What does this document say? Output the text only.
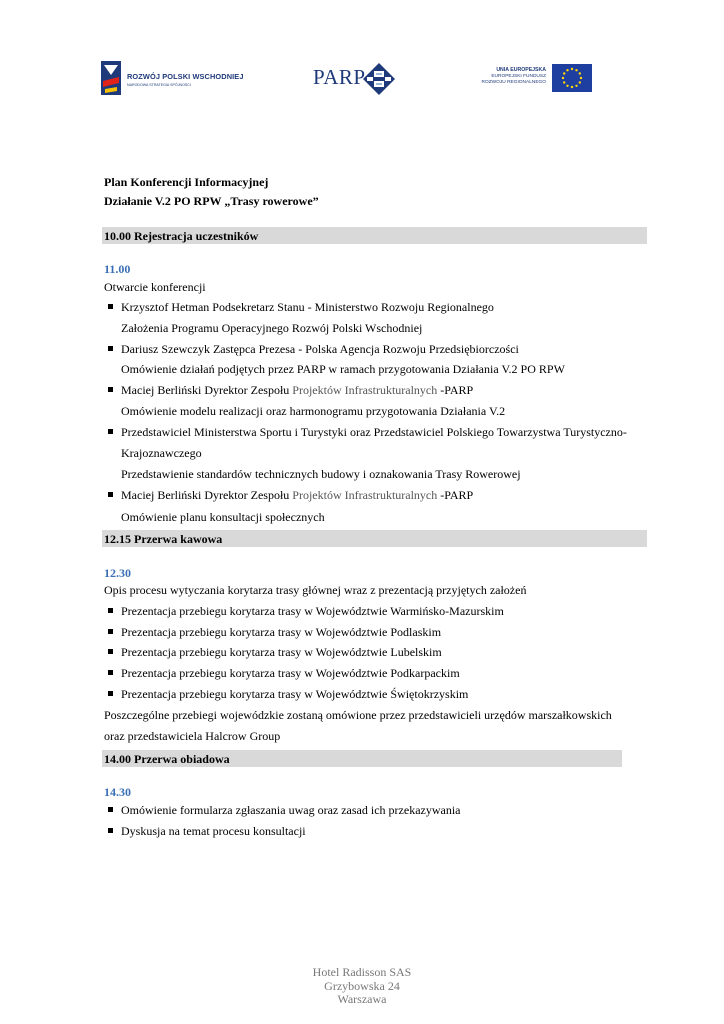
ROZWÓJ POLSKI WSCHODNIEJ
NARODOWA STRATEGIA SPÓJNOŚCI	PARP	UNIA EUROPEJSKA
EUROPEJSKI FUNDUSZ
ROZWOJU REGIONALNEGO
Plan Konferencji Informacyjnej
Działanie V.2 PO RPW „Trasy rowerowe”
10.00 Rejestracja uczestników
11.00
Otwarcie konferencji
Krzysztof Hetman Podsekretarz Stanu - Ministerstwo Rozwoju Regionalnego
Założenia Programu Operacyjnego Rozwój Polski Wschodniej
Dariusz Szewczyk Zastępca Prezesa - Polska Agencja Rozwoju Przedsiębiorczości
Omówienie działań podjętych przez PARP w ramach przygotowania Działania V.2 PO RPW
Maciej Berliński Dyrektor Zespołu Projektów Infrastrukturalnych -PARP
Omówienie modelu realizacji oraz harmonogramu przygotowania Działania V.2
Przedstawiciel Ministerstwa Sportu i Turystyki oraz Przedstawiciel Polskiego Towarzystwa Turystyczno-
Krajoznawczego
Przedstawienie standardów technicznych budowy i oznakowania Trasy Rowerowej
Maciej Berliński Dyrektor Zespołu Projektów Infrastrukturalnych -PARP
Omówienie planu konsultacji społecznych
12.15 Przerwa kawowa
12.30
Opis procesu wytyczania korytarza trasy głównej wraz z prezentacją przyjętych założeń
Prezentacja przebiegu korytarza trasy w Województwie Warmińsko-Mazurskim
Prezentacja przebiegu korytarza trasy w Województwie Podlaskim
Prezentacja przebiegu korytarza trasy w Województwie Lubelskim
Prezentacja przebiegu korytarza trasy w Województwie Podkarpackim
Prezentacja przebiegu korytarza trasy w Województwie Świętokrzyskim
Poszczególne przebiegi wojewódzkie zostaną omówione przez przedstawicieli urzędów marszałkowskich
oraz przedstawiciela Halcrow Group
14.00 Przerwa obiadowa
14.30
Omówienie formularza zgłaszania uwag oraz zasad ich przekazywania
Dyskusja na temat procesu konsultacji
Hotel Radisson SAS
Grzybowska 24
Warszawa
